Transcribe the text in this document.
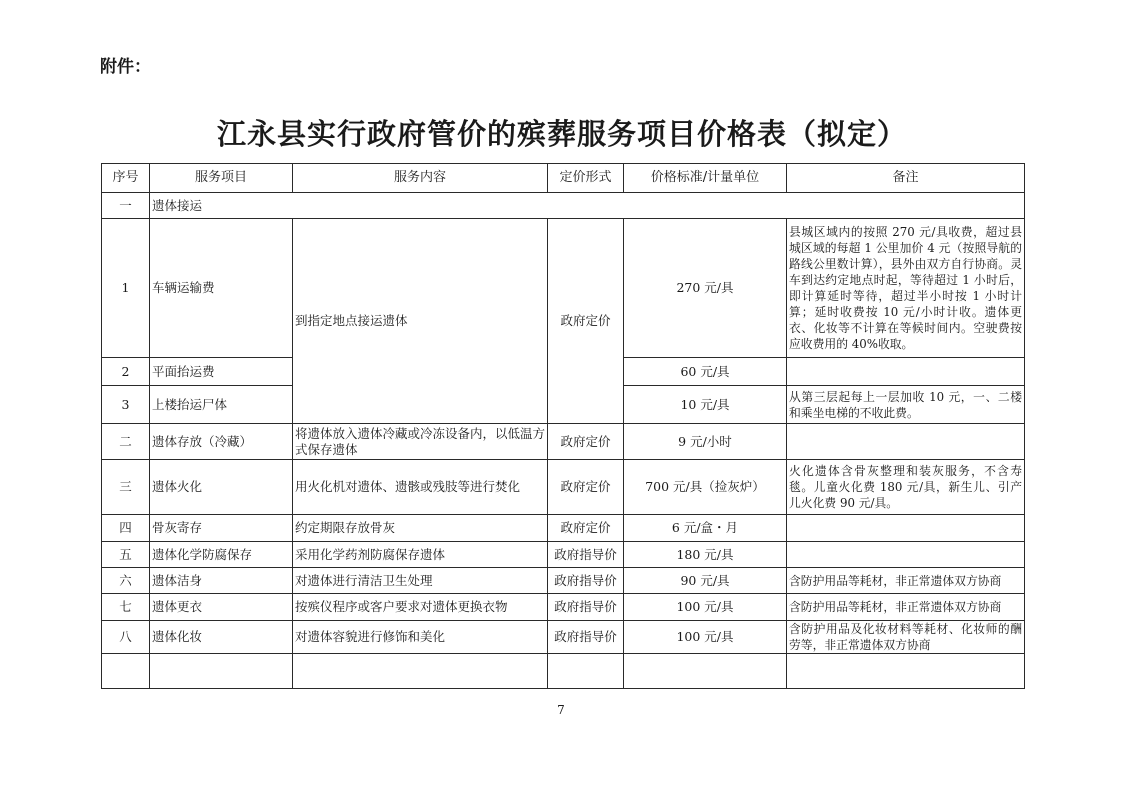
附件：
江永县实行政府管价的殡葬服务项目价格表（拟定）
序号	服务项目	服务内容	定价形式	价格标准/计量单位	备注
一	遗体接运				
1	车辆运输费	到指定地点接运遗体	政府定价	270 元/具	县城区域内的按照 270 元/具收费，超过县城区域的每超 1 公里加价 4 元（按照导航的路线公里数计算），县外由双方自行协商。灵车到达约定地点时起，等待超过 1 小时后，即计算延时等待，超过半小时按 1 小时计算；延时收费按 10 元/小时计收。遗体更衣、化妆等不计算在等候时间内。空驶费按应收费用的 40%收取。
2	平面抬运费			60 元/具	
3	上楼抬运尸体			10 元/具	从第三层起每上一层加收 10 元，一、二楼和乘坐电梯的不收此费。
二	遗体存放（冷藏）	将遗体放入遗体冷藏或冷冻设备内，以低温方式保存遗体	政府定价	9 元/小时	
三	遗体火化	用火化机对遗体、遗骸或残肢等进行焚化	政府定价	700 元/具（捡灰炉）	火化遗体含骨灰整理和装灰服务，不含寿毯。儿童火化费 180 元/具，新生儿、引产儿火化费 90 元/具。
四	骨灰寄存	约定期限存放骨灰	政府定价	6 元/盒・月	
五	遗体化学防腐保存	采用化学药剂防腐保存遗体	政府指导价	180 元/具	
六	遗体洁身	对遗体进行清洁卫生处理	政府指导价	90 元/具	含防护用品等耗材，非正常遗体双方协商
七	遗体更衣	按殡仪程序或客户要求对遗体更换衣物	政府指导价	100 元/具	含防护用品等耗材，非正常遗体双方协商
八	遗体化妆	对遗体容貌进行修饰和美化	政府指导价	100 元/具	含防护用品及化妆材料等耗材、化妆师的酬劳等，非正常遗体双方协商

7
